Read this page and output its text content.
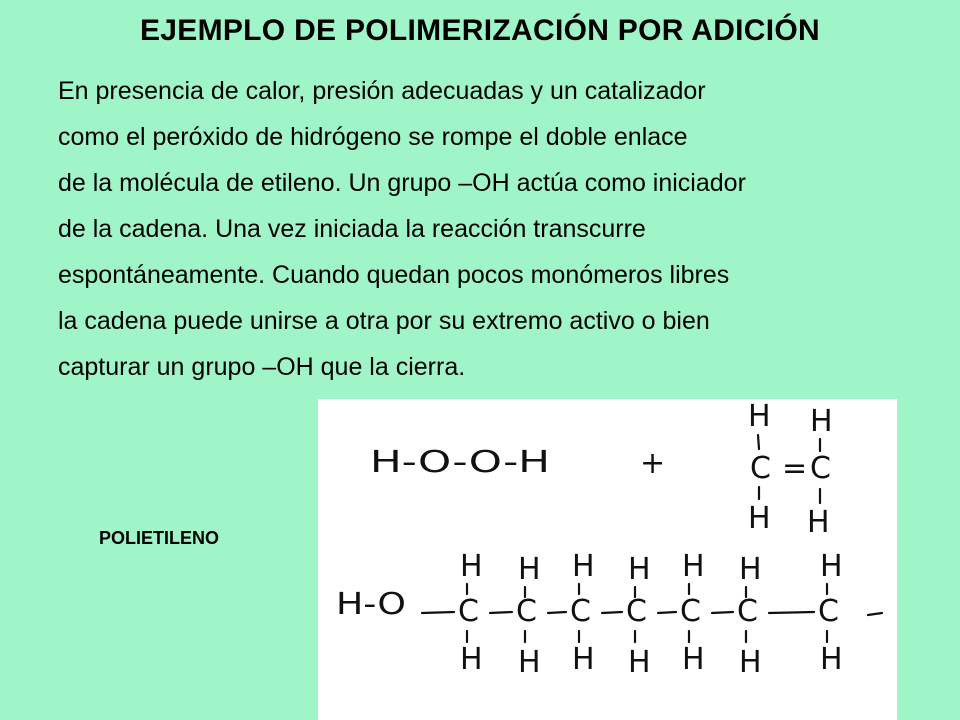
EJEMPLO DE POLIMERIZACIÓN POR ADICIÓN
En presencia de calor, presión adecuadas y un catalizador
como el peróxido de hidrógeno se rompe el doble enlace
de la molécula de etileno. Un grupo –OH actúa como iniciador
de la cadena. Una vez iniciada la reacción transcurre
espontáneamente. Cuando quedan pocos monómeros libres
la cadena puede unirse a otra por su extremo activo o bien
capturar un grupo –OH que la cierra.
POLIETILENO
H-O-O-H	+
H H
C = C
H H
H-O
H
C
H
H
C
H
H
C
H
H
C
H
H
C
H
H
C
H
H
C
H
